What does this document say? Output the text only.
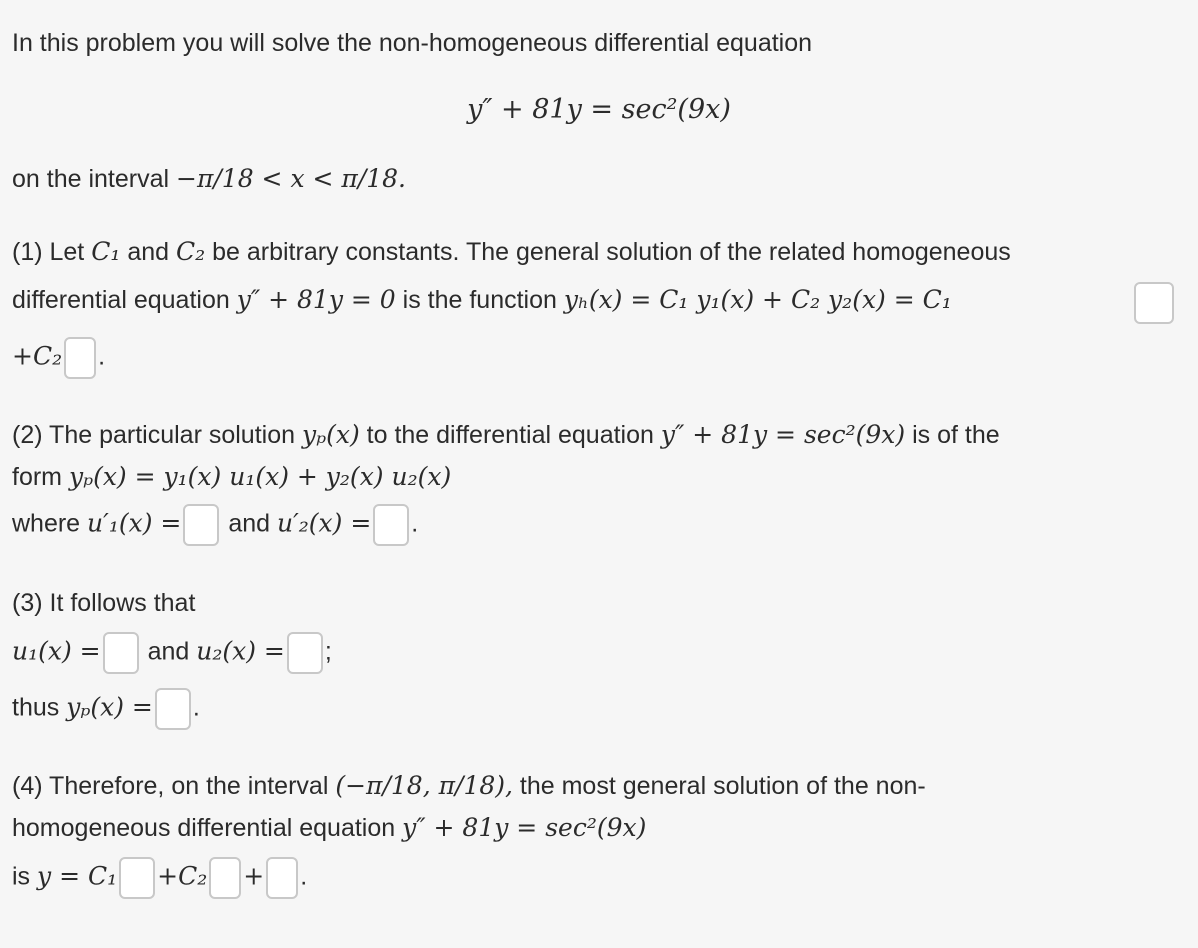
In this problem you will solve the non-homogeneous differential equation
y″ + 81y = sec²(9x)
on the interval −π/18 < x < π/18.
(1) Let C₁ and C₂ be arbitrary constants. The general solution of the related homogeneous
differential equation y″ + 81y = 0 is the function yₕ(x) = C₁ y₁(x) + C₂ y₂(x) = C₁
+C₂ .
(2) The particular solution yₚ(x) to the differential equation y″ + 81y = sec²(9x) is of the
form yₚ(x) = y₁(x) u₁(x) + y₂(x) u₂(x)
where u′₁(x) = and u′₂(x) = .
(3) It follows that
u₁(x) = and u₂(x) = ;
thus yₚ(x) = .
(4) Therefore, on the interval (−π/18, π/18), the most general solution of the non-
homogeneous differential equation y″ + 81y = sec²(9x)
is y = C₁ +C₂ + .
